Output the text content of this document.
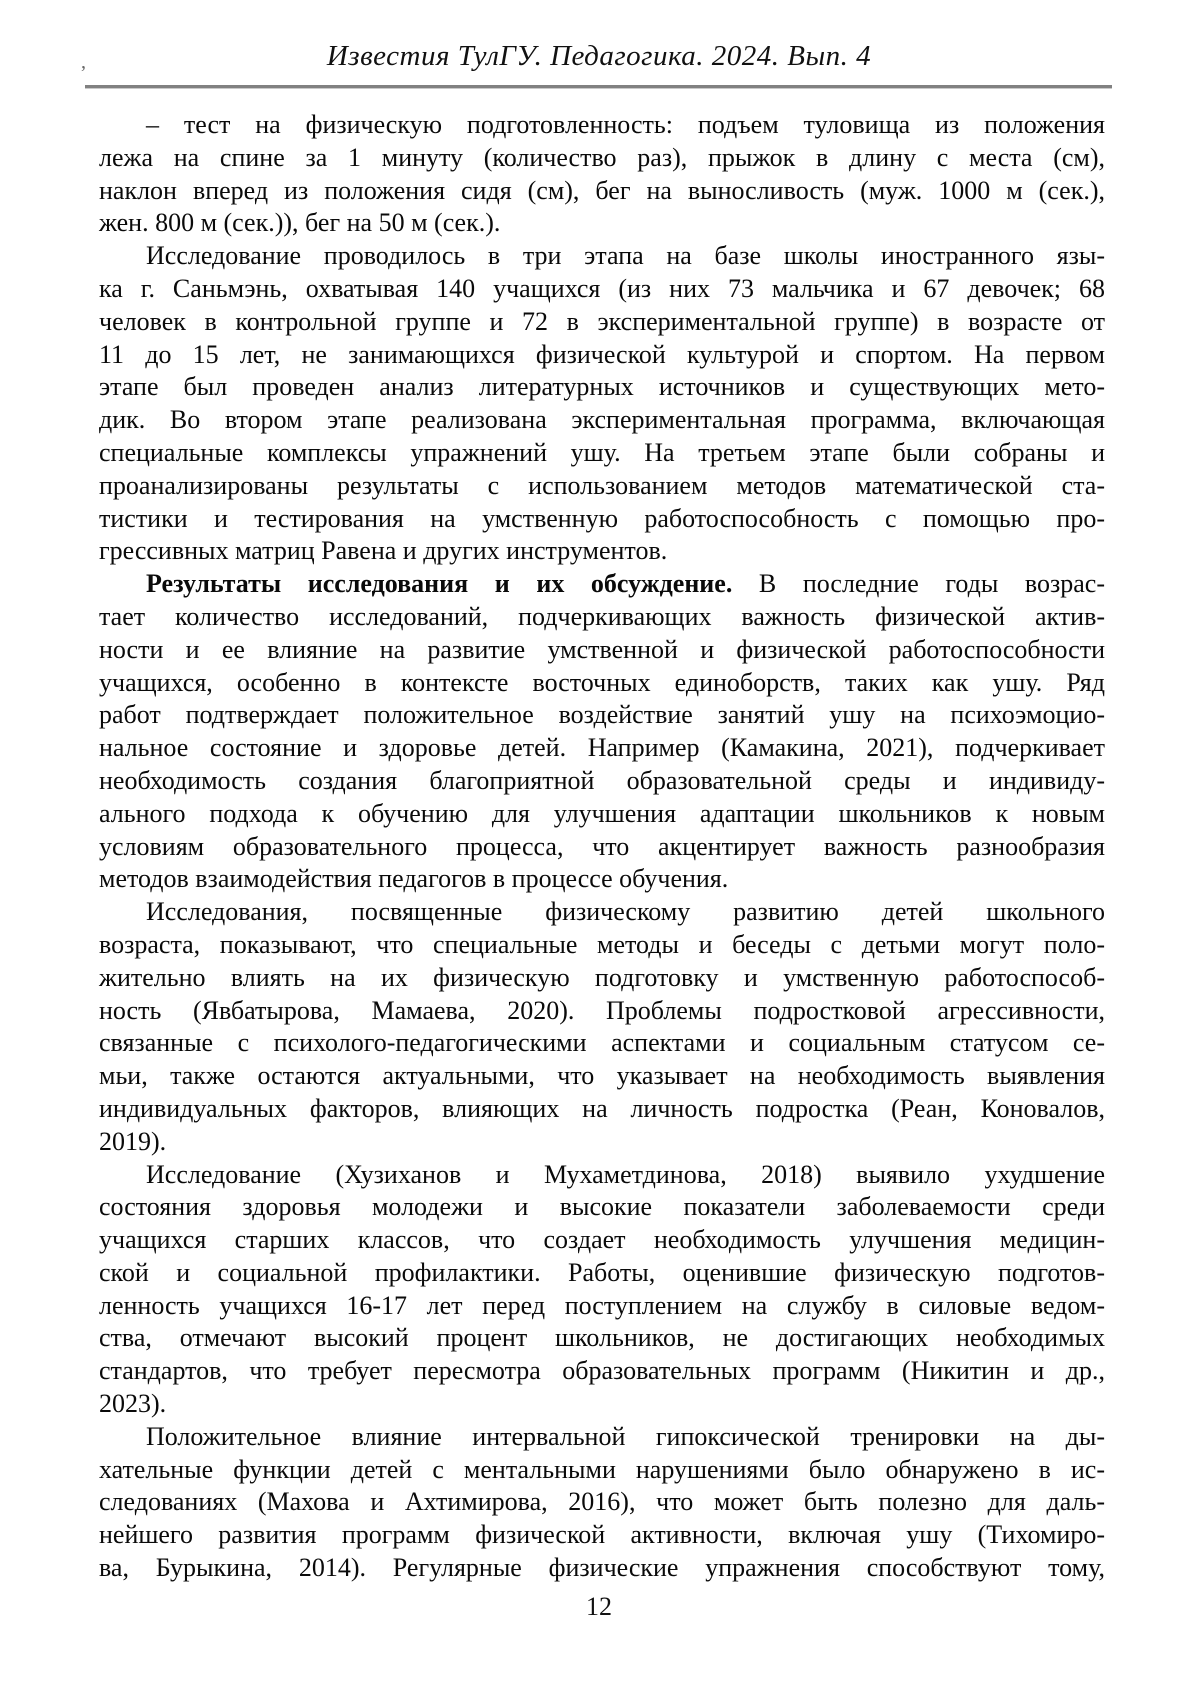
Известия ТулГУ. Педагогика. 2024. Вып. 4
’
– тест на физическую подготовленность: подъем туловища из положения
лежа на спине за 1 минуту (количество раз), прыжок в длину с места (см),
наклон вперед из положения сидя (см), бег на выносливость (муж. 1000 м (сек.),
жен. 800 м (сек.)), бег на 50 м (сек.).
Исследование проводилось в три этапа на базе школы иностранного язы-
ка г. Саньмэнь, охватывая 140 учащихся (из них 73 мальчика и 67 девочек; 68
человек в контрольной группе и 72 в экспериментальной группе) в возрасте от
11 до 15 лет, не занимающихся физической культурой и спортом. На первом
этапе был проведен анализ литературных источников и существующих мето-
дик. Во втором этапе реализована экспериментальная программа, включающая
специальные комплексы упражнений ушу. На третьем этапе были собраны и
проанализированы результаты с использованием методов математической ста-
тистики и тестирования на умственную работоспособность с помощью про-
грессивных матриц Равена и других инструментов.
Результаты исследования и их обсуждение. В последние годы возрас-
тает количество исследований, подчеркивающих важность физической актив-
ности и ее влияние на развитие умственной и физической работоспособности
учащихся, особенно в контексте восточных единоборств, таких как ушу. Ряд
работ подтверждает положительное воздействие занятий ушу на психоэмоцио-
нальное состояние и здоровье детей. Например (Камакина, 2021), подчеркивает
необходимость создания благоприятной образовательной среды и индивиду-
ального подхода к обучению для улучшения адаптации школьников к новым
условиям образовательного процесса, что акцентирует важность разнообразия
методов взаимодействия педагогов в процессе обучения.
Исследования, посвященные физическому развитию детей школьного
возраста, показывают, что специальные методы и беседы с детьми могут поло-
жительно влиять на их физическую подготовку и умственную работоспособ-
ность (Явбатырова, Мамаева, 2020). Проблемы подростковой агрессивности,
связанные с психолого-педагогическими аспектами и социальным статусом се-
мьи, также остаются актуальными, что указывает на необходимость выявления
индивидуальных факторов, влияющих на личность подростка (Реан, Коновалов,
2019).
Исследование (Хузиханов и Мухаметдинова, 2018) выявило ухудшение
состояния здоровья молодежи и высокие показатели заболеваемости среди
учащихся старших классов, что создает необходимость улучшения медицин-
ской и социальной профилактики. Работы, оценившие физическую подготов-
ленность учащихся 16-17 лет перед поступлением на службу в силовые ведом-
ства, отмечают высокий процент школьников, не достигающих необходимых
стандартов, что требует пересмотра образовательных программ (Никитин и др.,
2023).
Положительное влияние интервальной гипоксической тренировки на ды-
хательные функции детей с ментальными нарушениями было обнаружено в ис-
следованиях (Махова и Ахтимирова, 2016), что может быть полезно для даль-
нейшего развития программ физической активности, включая ушу (Тихомиро-
ва, Бурыкина, 2014). Регулярные физические упражнения способствуют тому,
12
